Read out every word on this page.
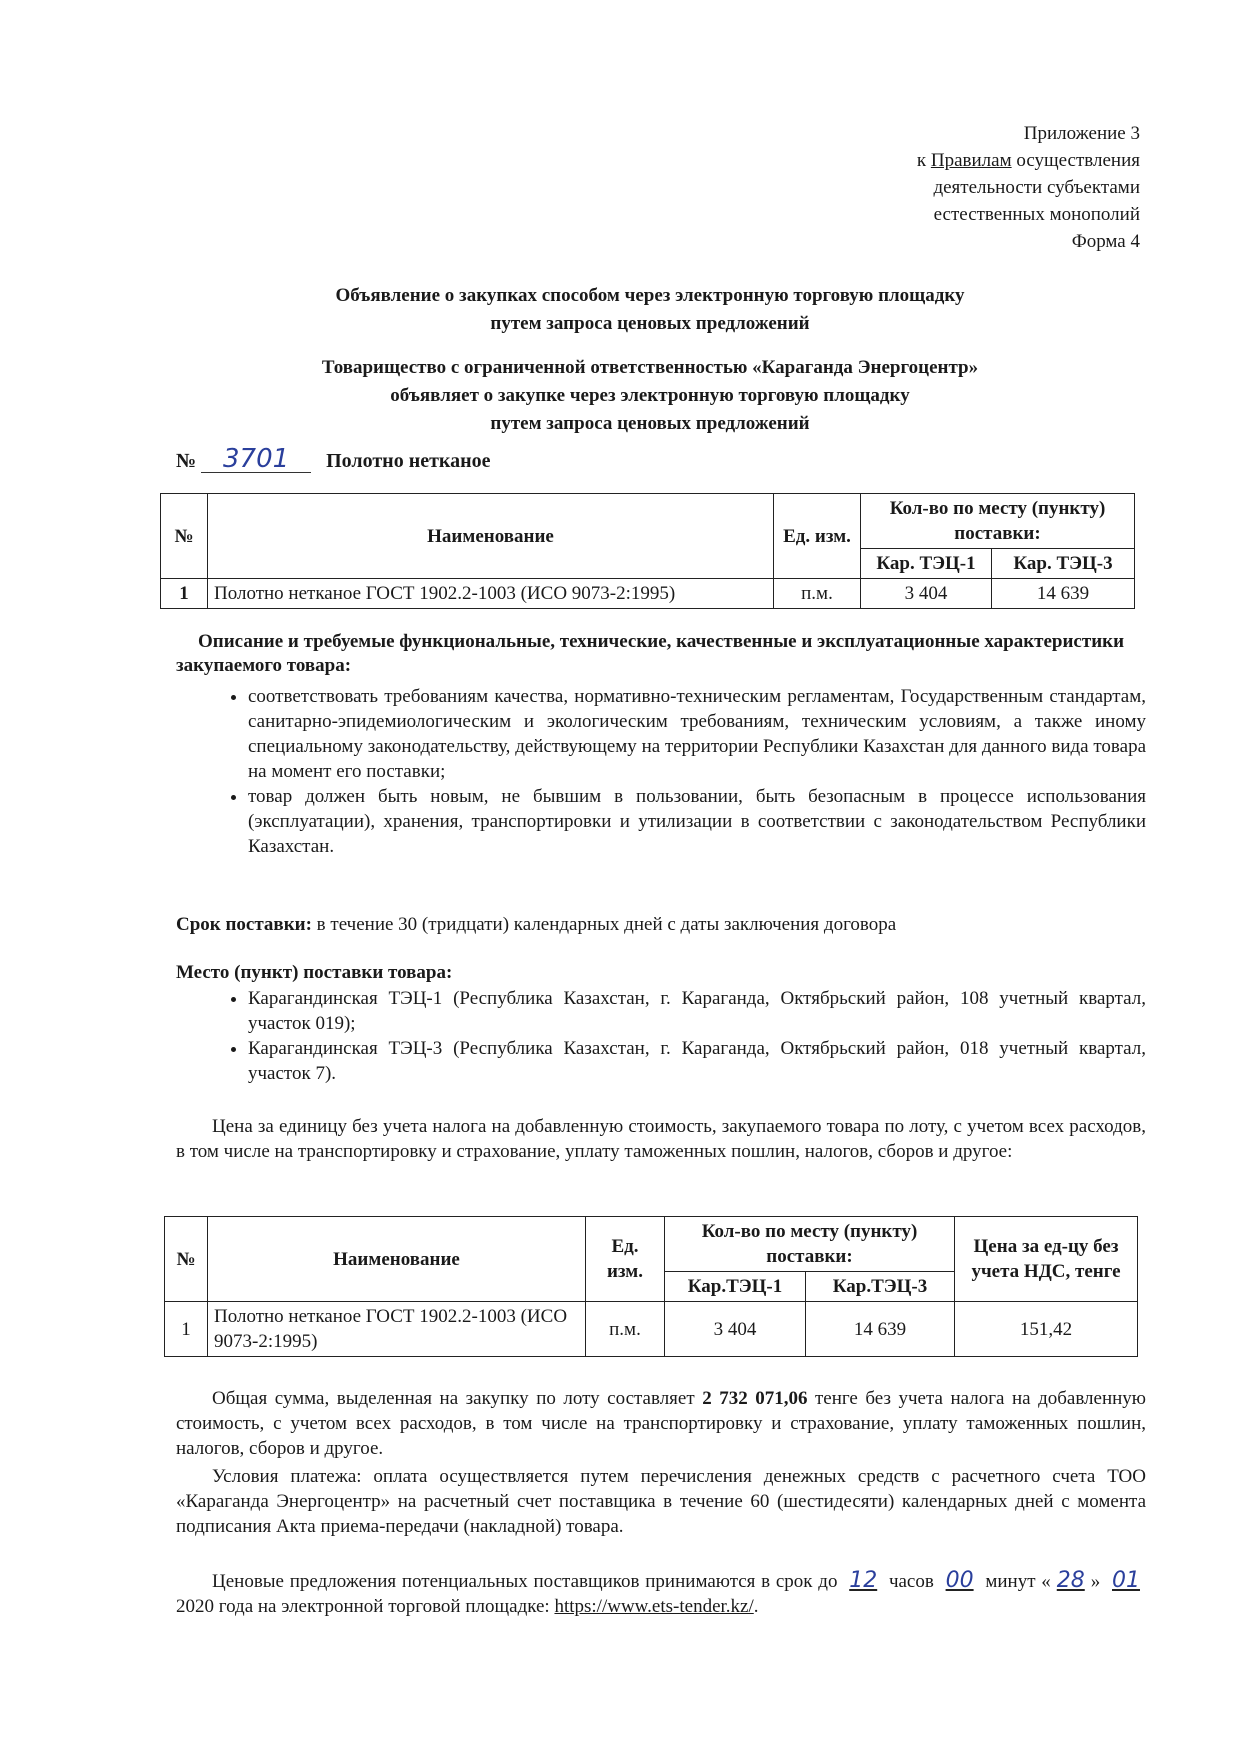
Приложение 3
к Правилам осуществления
деятельности субъектами
естественных монополий
Форма 4
Объявление о закупках способом через электронную торговую площадку
путем запроса ценовых предложений
Товарищество с ограниченной ответственностью «Караганда Энергоцентр»
объявляет о закупке через электронную торговую площадку
путем запроса ценовых предложений
№ 3701 Полотно нетканое
№	Наименование	Ед. изм.	Кол-во по месту (пункту) поставки:	
			Кар. ТЭЦ-1	Кар. ТЭЦ-3
1	Полотно нетканое ГОСТ 1902.2-1003 (ИСО 9073-2:1995)	п.м.	3 404	14 639
Описание и требуемые функциональные, технические, качественные и эксплуатационные характеристики закупаемого товара:
• соответствовать требованиям качества, нормативно-техническим регламентам, Государственным стандартам, санитарно-эпидемиологическим и экологическим требованиям, техническим условиям, а также иному специальному законодательству, действующему на территории Республики Казахстан для данного вида товара на момент его поставки;
• товар должен быть новым, не бывшим в пользовании, быть безопасным в процессе использования (эксплуатации), хранения, транспортировки и утилизации в соответствии с законодательством Республики Казахстан.
Срок поставки: в течение 30 (тридцати) календарных дней с даты заключения договора
Место (пункт) поставки товара:
• Карагандинская ТЭЦ-1 (Республика Казахстан, г. Караганда, Октябрьский район, 108 учетный квартал, участок 019);
• Карагандинская ТЭЦ-3 (Республика Казахстан, г. Караганда, Октябрьский район, 018 учетный квартал, участок 7).
Цена за единицу без учета налога на добавленную стоимость, закупаемого товара по лоту, с учетом всех расходов, в том числе на транспортировку и страхование, уплату таможенных пошлин, налогов, сборов и другое:
№	Наименование	Ед. изм.	Кол-во по месту (пункту) поставки:		Цена за ед-цу без учета НДС, тенге
			Кар.ТЭЦ-1	Кар.ТЭЦ-3	
1	Полотно нетканое ГОСТ 1902.2-1003 (ИСО 9073-2:1995)	п.м.	3 404	14 639	151,42
Общая сумма, выделенная на закупку по лоту составляет 2 732 071,06 тенге без учета налога на добавленную стоимость, с учетом всех расходов, в том числе на транспортировку и страхование, уплату таможенных пошлин, налогов, сборов и другое.
Условия платежа: оплата осуществляется путем перечисления денежных средств с расчетного счета ТОО «Караганда Энергоцентр» на расчетный счет поставщика в течение 60 (шестидесяти) календарных дней с момента подписания Акта приема-передачи (накладной) товара.
Ценовые предложения потенциальных поставщиков принимаются в срок до 12 часов 00 минут « 28 » 01 2020 года на электронной торговой площадке: https://www.ets-tender.kz/.
